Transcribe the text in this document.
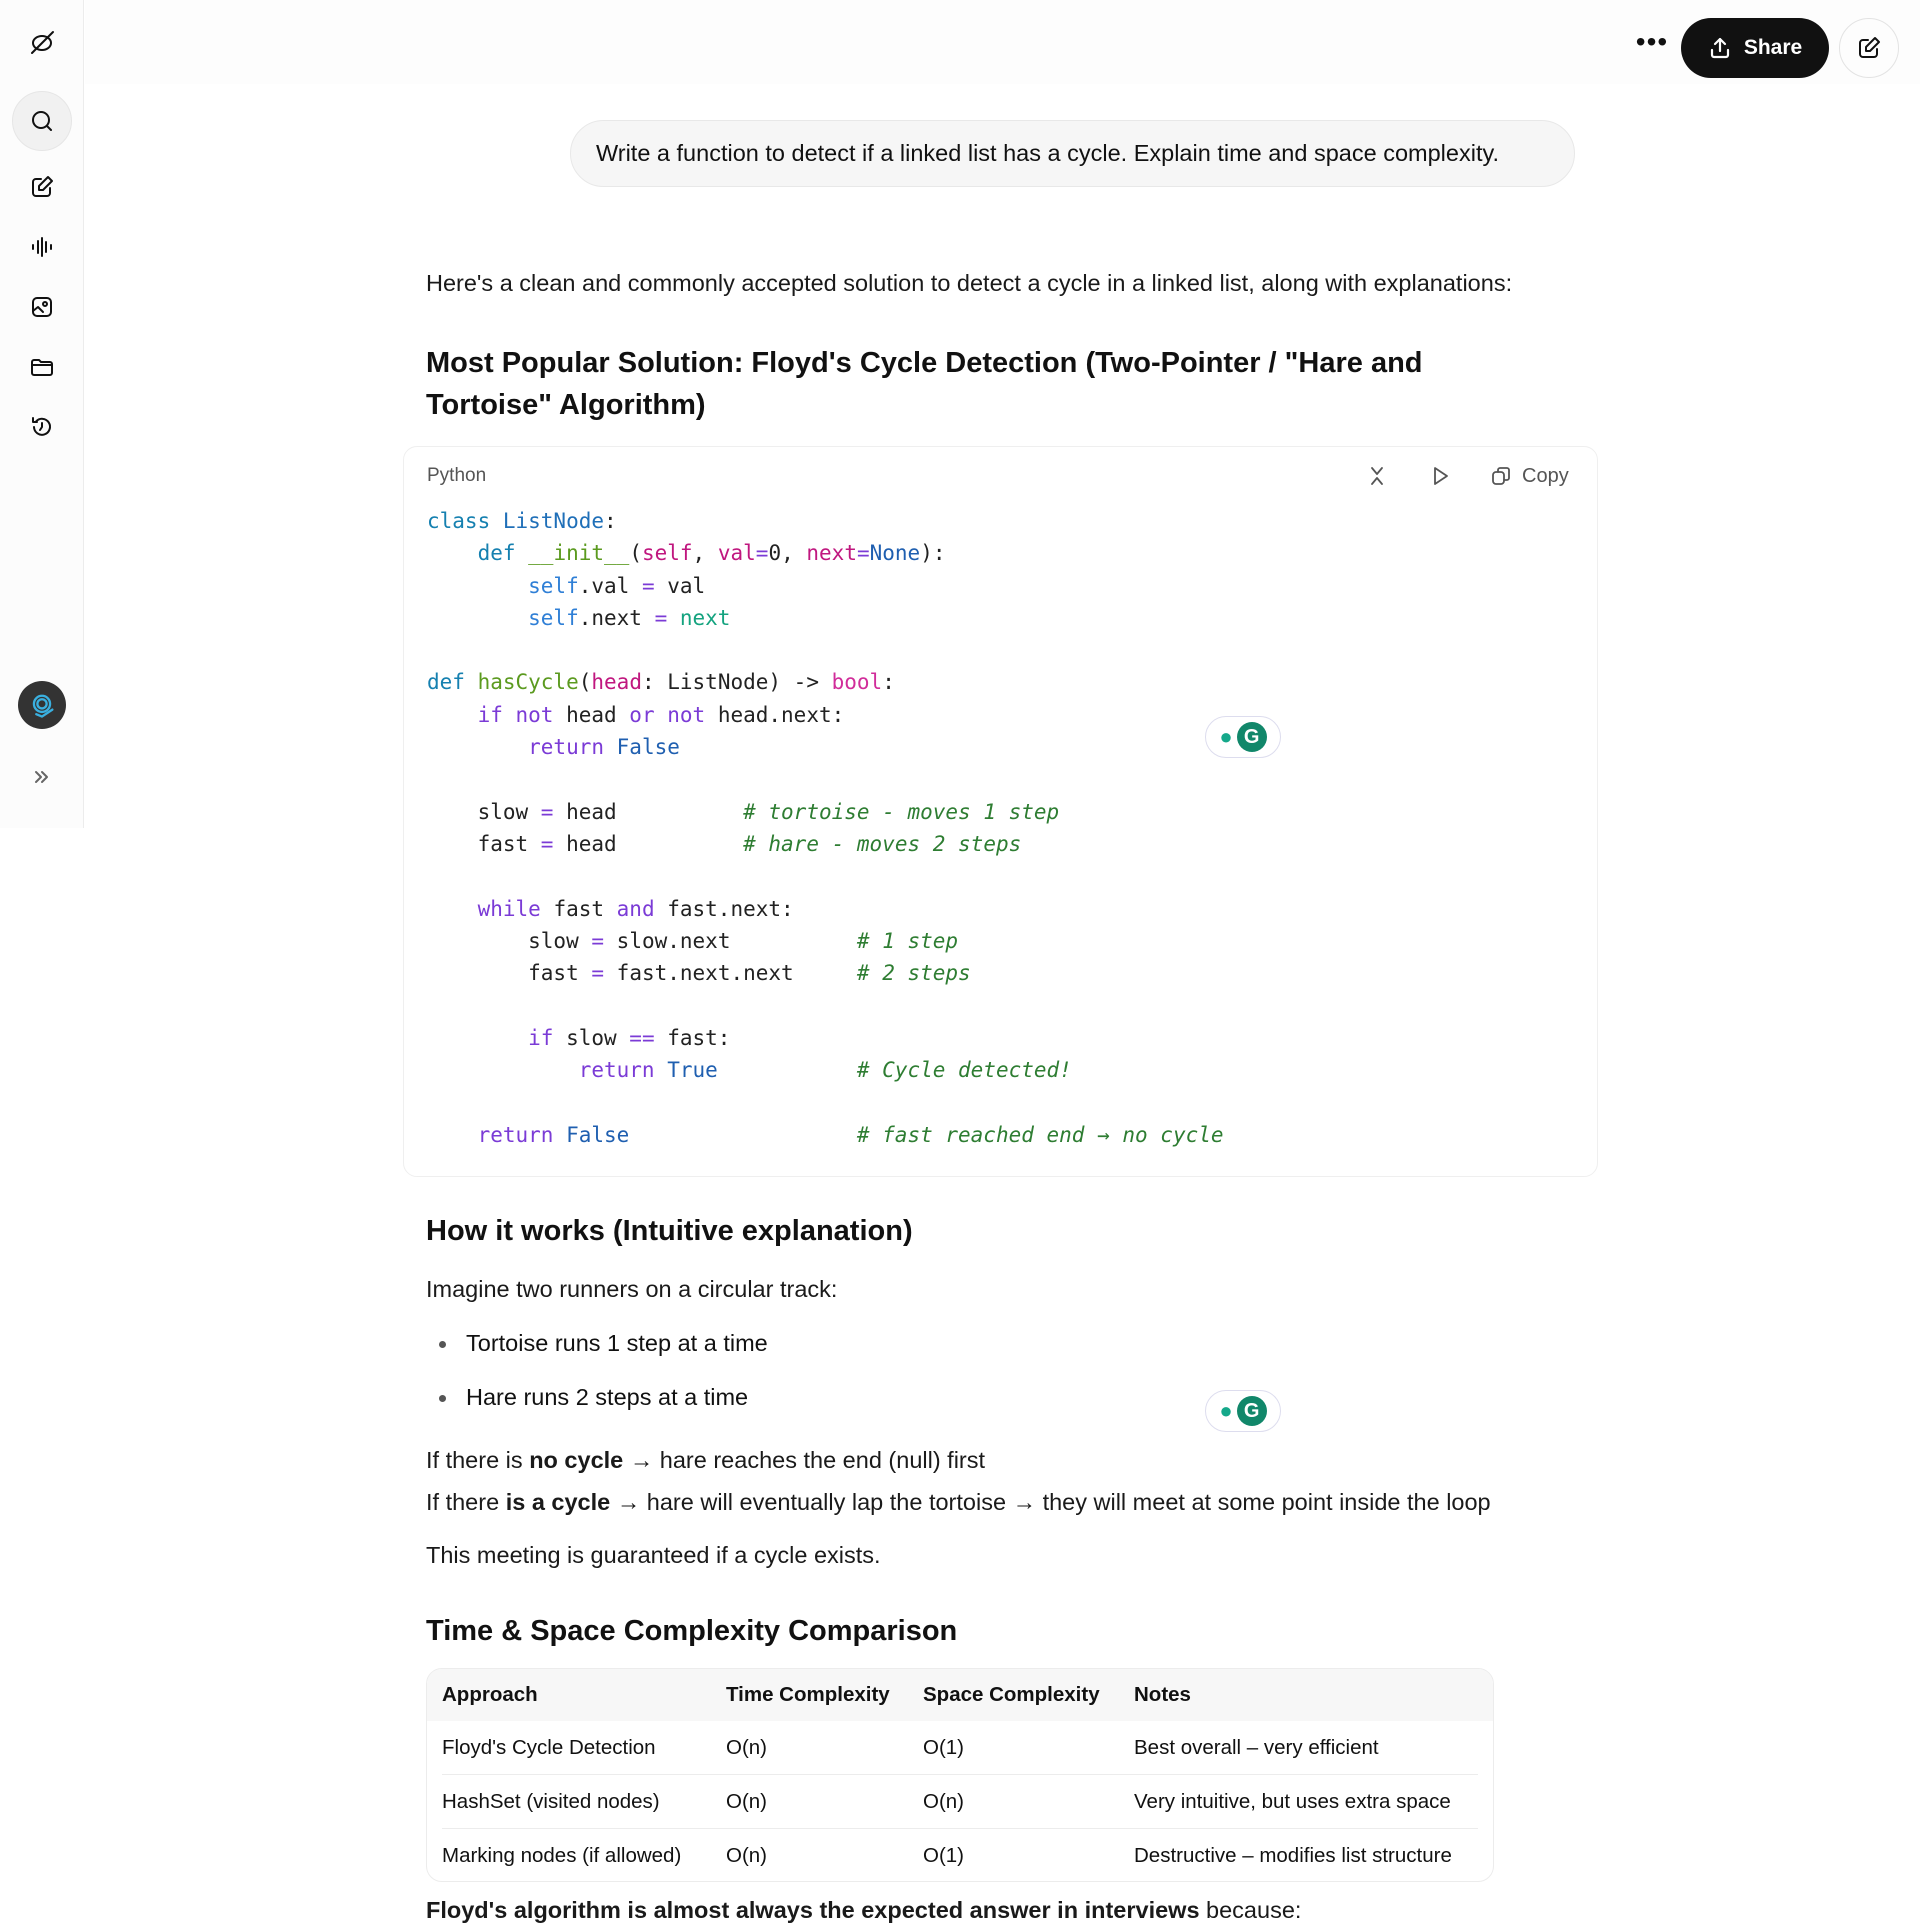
•••	Share
Write a function to detect if a linked list has a cycle. Explain time and space complexity.
Here's a clean and commonly accepted solution to detect a cycle in a linked list, along with explanations:
Most Popular Solution: Floyd's Cycle Detection (Two-Pointer / "Hare and Tortoise" Algorithm)
Python	Copy
class ListNode:
def __init__(self, val=0, next=None):
self.val = val
self.next = next
def hasCycle(head: ListNode) -> bool:
if not head or not head.next:
return False
slow = head          # tortoise - moves 1 step
fast = head          # hare - moves 2 steps
while fast and fast.next:
slow = slow.next          # 1 step
fast = fast.next.next     # 2 steps
if slow == fast:
return True	# Cycle detected!
return False	# fast reached end → no cycle
● G
How it works (Intuitive explanation)
Imagine two runners on a circular track:
Tortoise runs 1 step at a time
Hare runs 2 steps at a time
● G
If there is no cycle → hare reaches the end (null) first
If there is a cycle → hare will eventually lap the tortoise → they will meet at some point inside the loop
This meeting is guaranteed if a cycle exists.
Time & Space Complexity Comparison
Approach	Time Complexity	Space Complexity	Notes
Floyd's Cycle Detection	O(n)	O(1)	Best overall – very efficient
HashSet (visited nodes)	O(n)	O(n)	Very intuitive, but uses extra space
Marking nodes (if allowed)	O(n)	O(1)	Destructive – modifies list structure
Floyd's algorithm is almost always the expected answer in interviews because:
